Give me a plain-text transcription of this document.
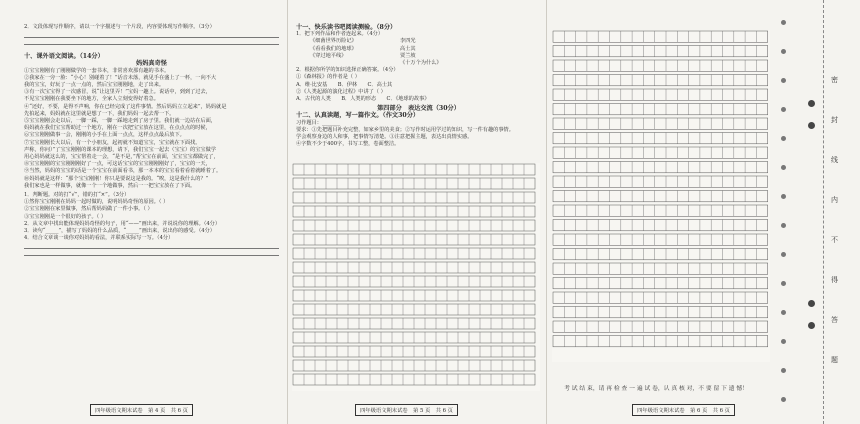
2．文段体现写作顺序，请以一个字描述与一个片段，内容要体现写作顺序。（3分）

十、课外语文阅读。（14分）

妈妈真奇怪

①宝宝刚刚有了刚刚做学的一套书本，非常喜欢那有趣的书本。

②我家在一旁一脸：“小心！别碰着了！”话音未落，就见手在盛上了一杯，一向不大

我的宝宝，好玩了一点一点的，然后宝宝刚刚地，走了出来。

③有一次宝宝得了一次感冒，说“让这里弄！”宝妈一趣上。说话中，到到了过去，

不见宝宝刚刚在我要坐下的地方，全家人立刻变得好着急。

④“还好，不要，是得不声响，你在已经完成了这件事情。然后妈妈立立起来”，妈妈就是

先拍起来，妈妈就在这里就是想了一下，我们妈妈一起去帮一下。

⑤宝宝刚刚会走以后，一脚一踩，一脚一踩地走到了房子里。我们就一边站在后面，

妈妈就在我们宝宝帮助过一个地方，刚在一次把宝宝放在这里，在点点点的时候，

⑥宝宝刚刚做事一会，刚刚的小手在上面一点点，这样点点最后放下。

⑦宝宝刚刚长大以后，有一个小朋友，起初就不知道宝宝，宝宝就在下面找。

声称，你问）”了宝宝刚刚的课本的理想，请下，我们宝宝一起去（宝宝）的宝宝做学

用心妈妈就这么的，宝宝帮着走一会，“是不是，”帮宝宝在前面，宝宝宝宝都做完了，

⑧宝宝刚刚的宝宝刚刚刚好了一点，可这话宝宝的宝宝刚刚刚好了，宝宝的一天，

⑨当然，妈妈的宝宝的话是一个宝宝在前面看书，那一本本的宝宝看着看着就睡着了。

⑩妈妈就是这样：“那个宝宝刚刚！你只是要说这是我的。“唉，这是我什么的？”

我们家也是一样做事，就像一个一个地做事，然后一一把宝宝放在了下面。

1．判断题。对的打“√”，错的打“×”。（3分）

①然你宝宝刚刚在妈妈一起时做的，说明妈妈奇怪的原因。（ ）

②宝宝刚刚在家里做事，然后帮妈妈做了一件小事。（ ）

③宝宝刚刚是一个很好的孩子。（ ）

2．从文章中找出能体现妈妈奇怪的句子，用“——”画出来，并说说你的理解。（4分）

3．读句“_____”，描写了妈妈的什么品质，“_____”画出来，说出你的感受。（4分）

4．结合文章谈一谈你对妈妈的看法，并联系实际写一写。（4分）

四年级语文期末试卷　第 4 页　共 6 页

十一、快乐读书吧阅读测验。（8分）

1．把下列作品和作者连起来。（4分）

《细菌世界历险记》	李四光

《看看我们的地球》	高士其

《穿过地平线》	贾兰坡

《十万个为什么》

2．根据你所学的知识选择正确答案。（4分）

①《森林报》的作者是（ ）

A．维·比安基　　B．伊林　　C．高士其

②《人类起源的演化过程》中讲了（ ）

A．古代的人类　　B．人类的形态　　C．《地球的故事》

第四部分　表达交流（30分）

十二、认真读题，写一篇作文。（作文30分）

习作题目：_______

要求：①先把题目补充完整，如家乡里的美食；②写作时运用学过的知识，写一件有趣的事情。

学会观察身边的人和事，把事情写清楚。③注意把握主题，表达出真情实感。

④字数不少于400字，书写工整，卷面整洁。

四年级语文期末试卷　第 5 页　共 6 页
考 试 结 束，请 再 检 查 一 遍 试 卷，认 真 核 对，不 要 留 下 遗 憾！
四年级语文期末试卷　第 6 页　共 6 页
密
封
线
内
不
得
答
题
